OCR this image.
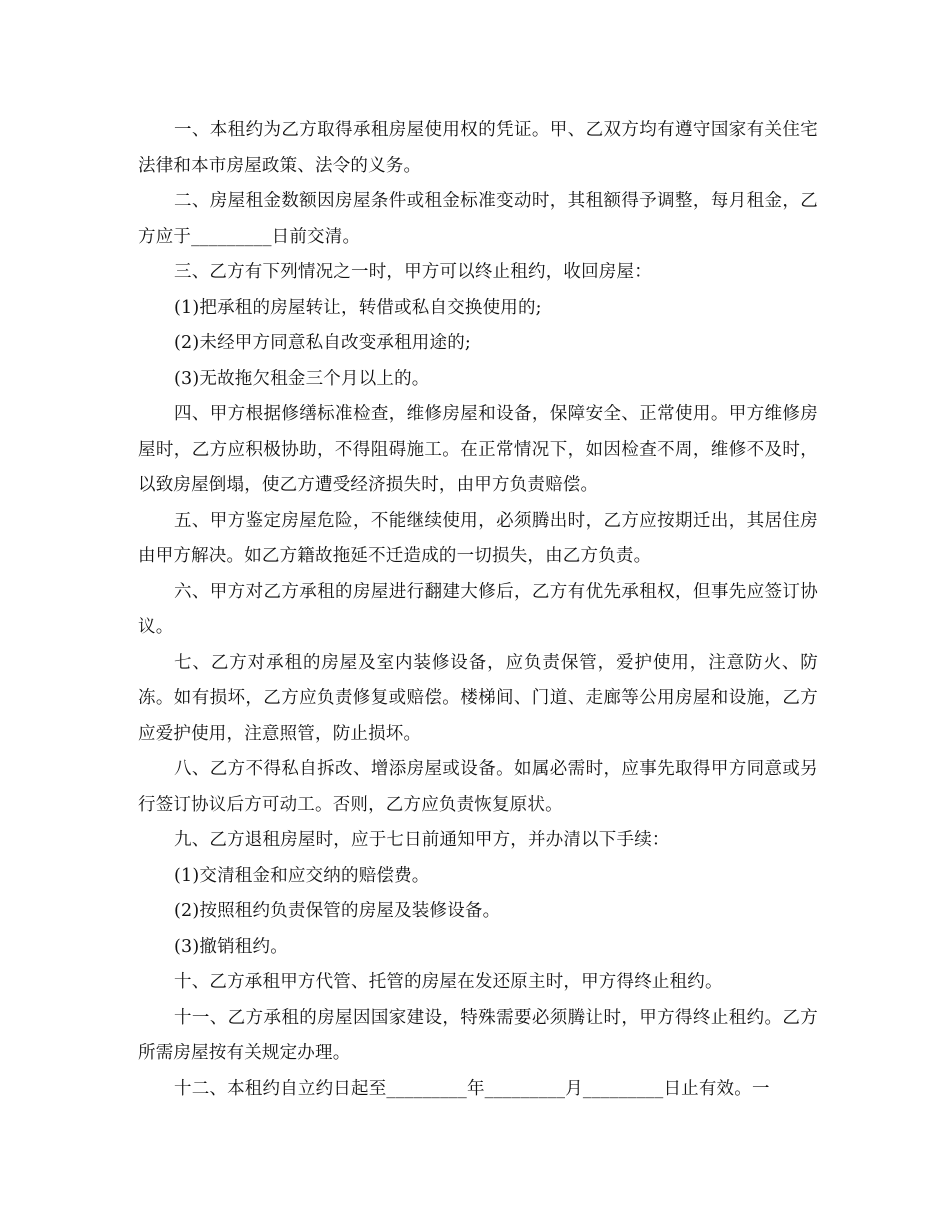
一、本租约为乙方取得承租房屋使用权的凭证。甲、乙双方均有遵守国家有关住宅法律和本市房屋政策、法令的义务。

二、房屋租金数额因房屋条件或租金标准变动时，其租额得予调整，每月租金，乙方应于_________日前交清。

三、乙方有下列情况之一时，甲方可以终止租约，收回房屋：

(1)把承租的房屋转让，转借或私自交换使用的;

(2)未经甲方同意私自改变承租用途的;

(3)无故拖欠租金三个月以上的。

四、甲方根据修缮标准检查，维修房屋和设备，保障安全、正常使用。甲方维修房屋时，乙方应积极协助，不得阻碍施工。在正常情况下，如因检查不周，维修不及时，以致房屋倒塌，使乙方遭受经济损失时，由甲方负责赔偿。

五、甲方鉴定房屋危险，不能继续使用，必须腾出时，乙方应按期迁出，其居住房由甲方解决。如乙方籍故拖延不迁造成的一切损失，由乙方负责。

六、甲方对乙方承租的房屋进行翻建大修后，乙方有优先承租权，但事先应签订协议。

七、乙方对承租的房屋及室内装修设备，应负责保管，爱护使用，注意防火、防冻。如有损坏，乙方应负责修复或赔偿。楼梯间、门道、走廊等公用房屋和设施，乙方应爱护使用，注意照管，防止损坏。

八、乙方不得私自拆改、增添房屋或设备。如属必需时，应事先取得甲方同意或另行签订协议后方可动工。否则，乙方应负责恢复原状。

九、乙方退租房屋时，应于七日前通知甲方，并办清以下手续：

(1)交清租金和应交纳的赔偿费。

(2)按照租约负责保管的房屋及装修设备。

(3)撤销租约。

十、乙方承租甲方代管、托管的房屋在发还原主时，甲方得终止租约。

十一、乙方承租的房屋因国家建设，特殊需要必须腾让时，甲方得终止租约。乙方所需房屋按有关规定办理。

十二、本租约自立约日起至_________年_________月_________日止有效。一
